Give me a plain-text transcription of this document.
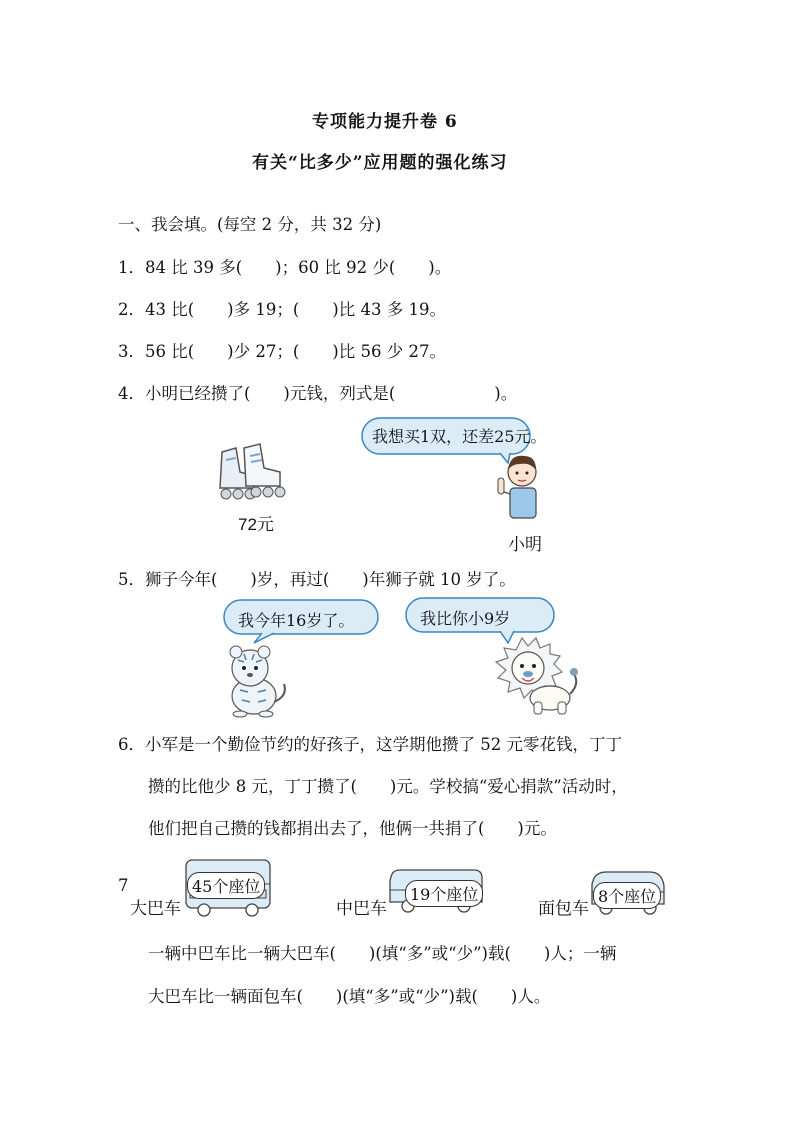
专项能力提升卷 6
有关“比多少”应用题的强化练习
一、我会填。(每空 2 分，共 32 分)
1．84 比 39 多(　　)；60 比 92 少(　　)。
2．43 比(　　)多 19；(　　)比 43 多 19。
3．56 比(　　)少 27；(　　)比 56 少 27。
4．小明已经攒了(　　)元钱，列式是(　　　　　　)。
72元
我想买1双，还差25元。
小明
5．狮子今年(　　)岁，再过(　　)年狮子就 10 岁了。
我今年16岁了。	我比你小9岁
6．小军是一个勤俭节约的好孩子，这学期他攒了 52 元零花钱，丁丁
攒的比他少 8 元，丁丁攒了(　　)元。学校搞“爱心捐款”活动时，
他们把自己攒的钱都捐出去了，他俩一共捐了(　　)元。
7
大巴车
45个座位
中巴车
19个座位
面包车
8个座位
一辆中巴车比一辆大巴车(　　)(填“多”或“少”)载(　　)人；一辆
大巴车比一辆面包车(　　)(填“多”或“少”)载(　　)人。
